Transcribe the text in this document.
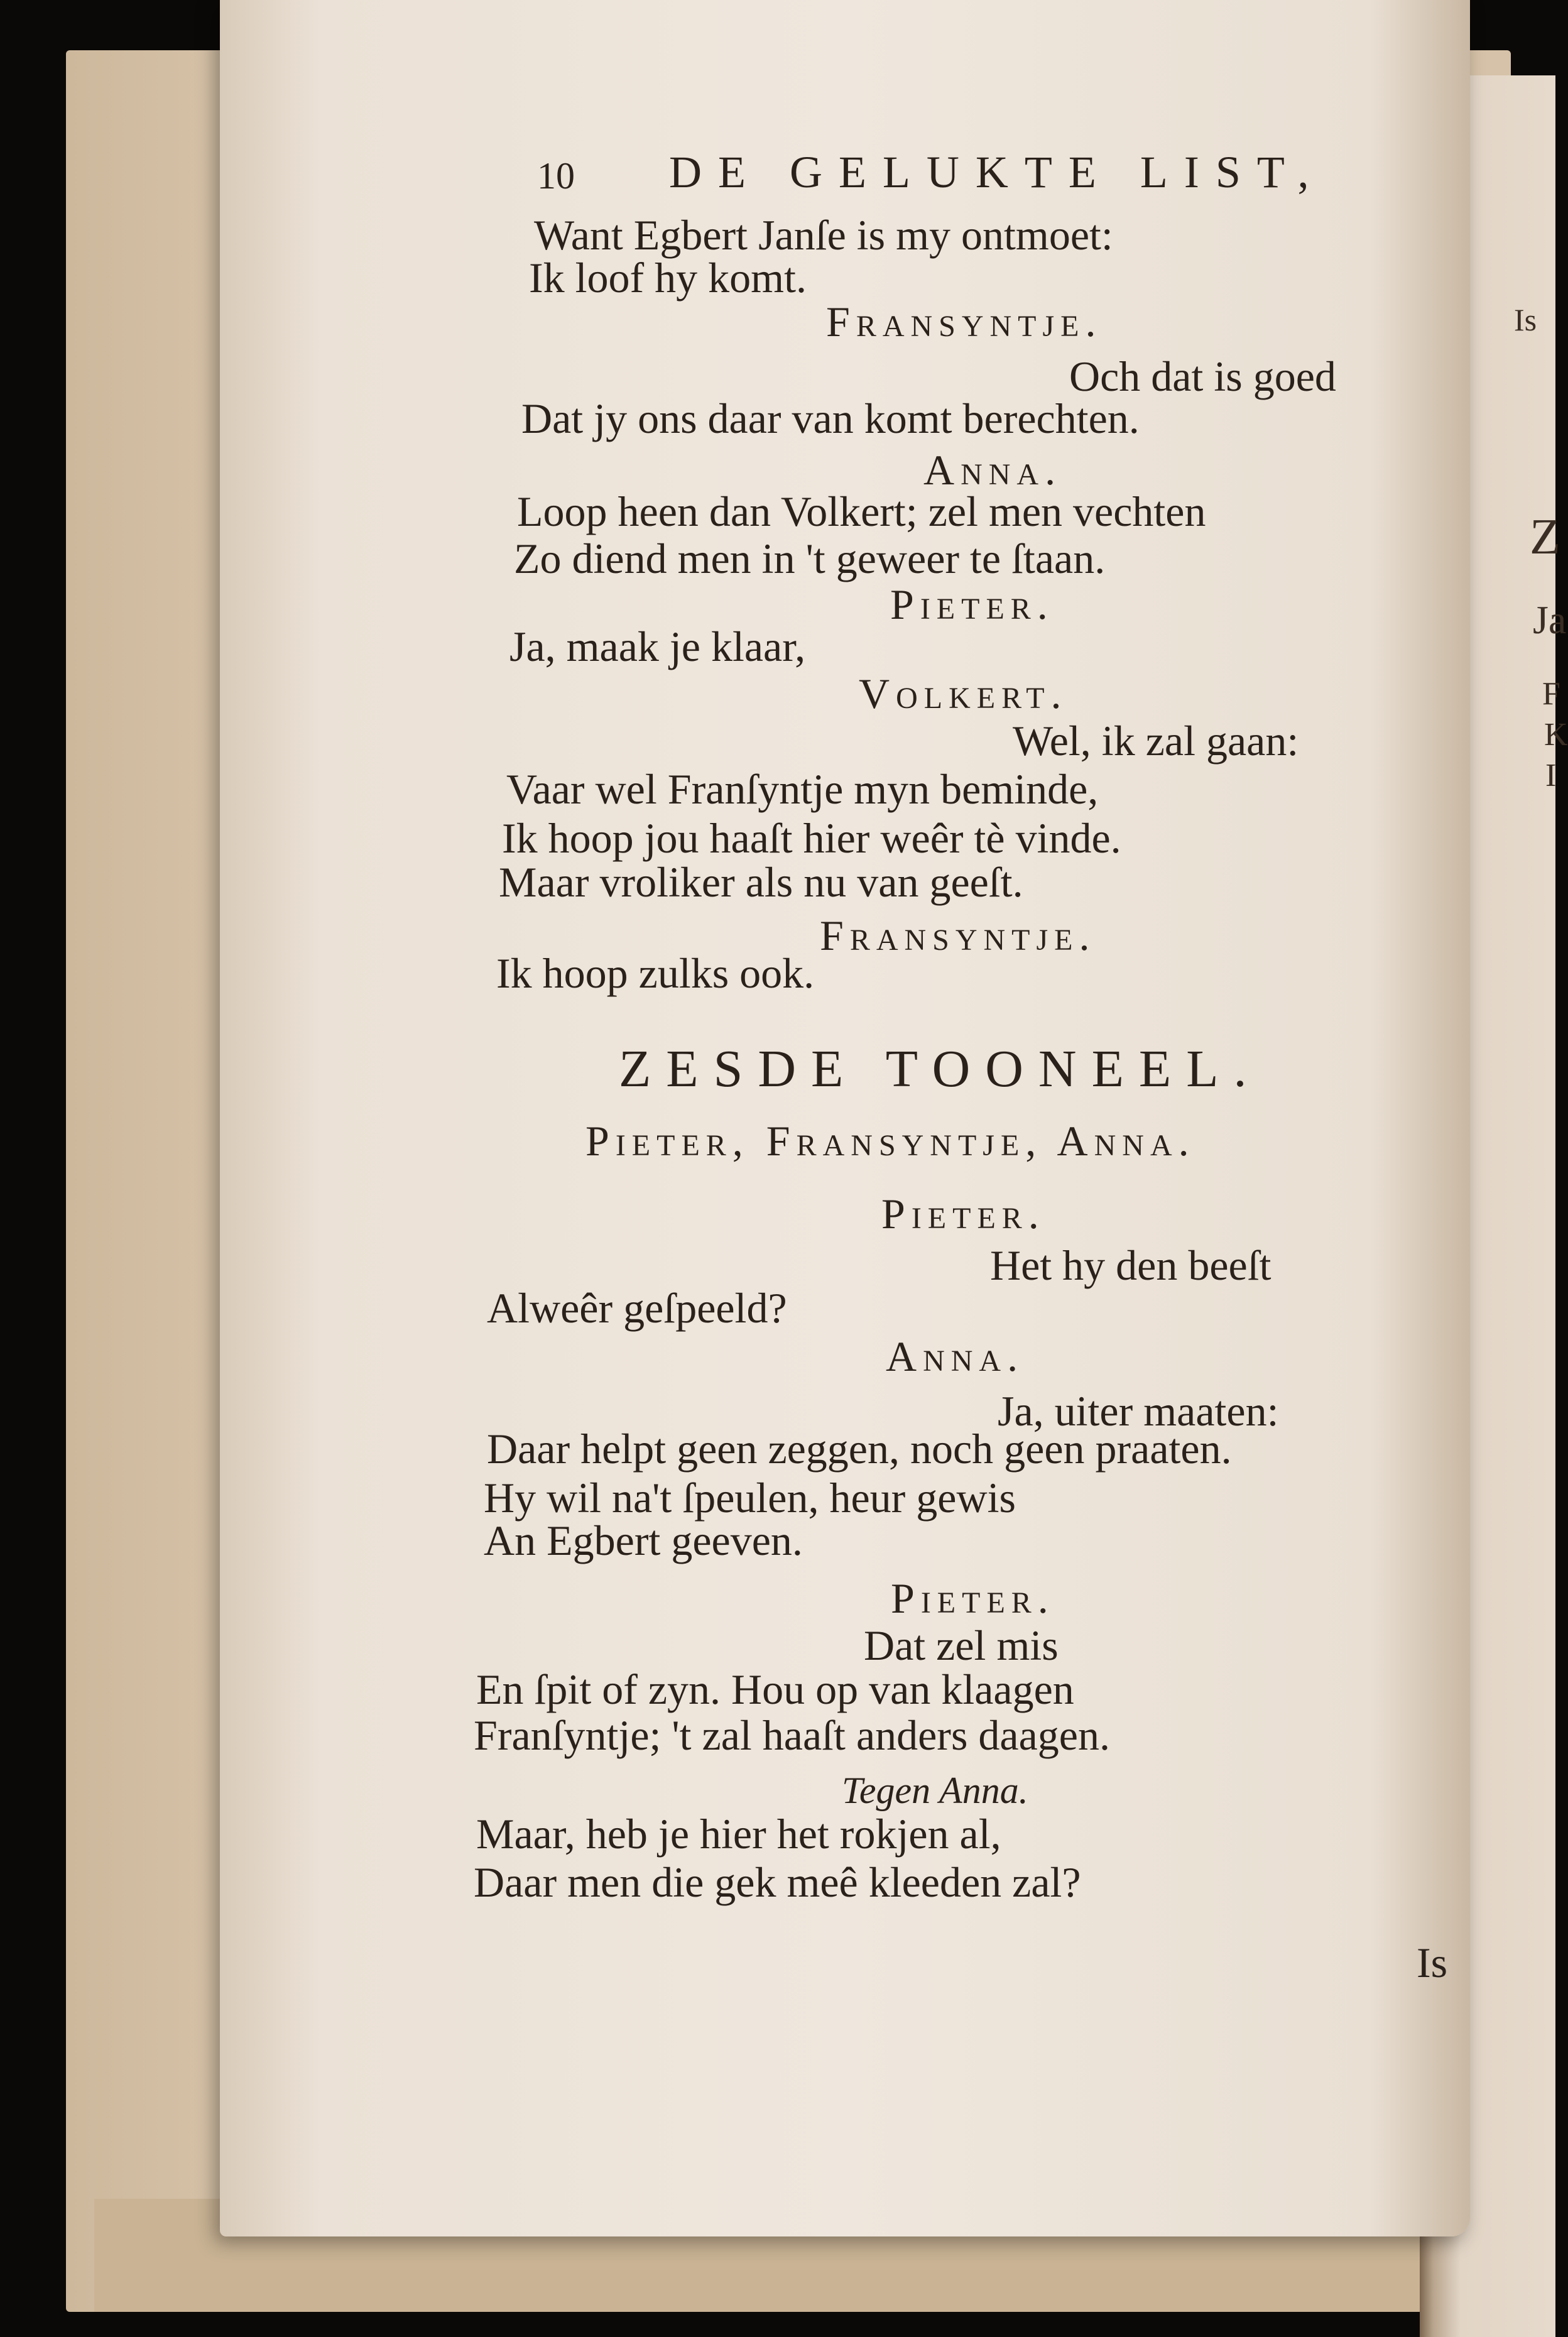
Is
Z
Ja
F
K
I
10 DE GELUKTE LIST,
Want Egbert Janſe is my ontmoet:
Ik loof hy komt.
Fransyntje.
Och dat is goed
Dat jy ons daar van komt berechten.
Anna.
Loop heen dan Volkert; zel men vechten
Zo diend men in 't geweer te ſtaan.
Pieter.
Ja, maak je klaar,
Volkert.
Wel, ik zal gaan:
Vaar wel Franſyntje myn beminde,
Ik hoop jou haaſt hier weêr tè vinde.
Maar vroliker als nu van geeſt.
Fransyntje.
Ik hoop zulks ook.
ZESDE TOONEEL.
Pieter, Fransyntje, Anna.
Pieter.
Het hy den beeſt
Alweêr geſpeeld?
Anna.
Ja, uiter maaten:
Daar helpt geen zeggen, noch geen praaten.
Hy wil na't ſpeulen, heur gewis
An Egbert geeven.
Pieter.
Dat zel mis
En ſpit of zyn. Hou op van klaagen
Franſyntje; 't zal haaſt anders daagen.
Tegen Anna.
Maar, heb je hier het rokjen al,
Daar men die gek meê kleeden zal?
Is
